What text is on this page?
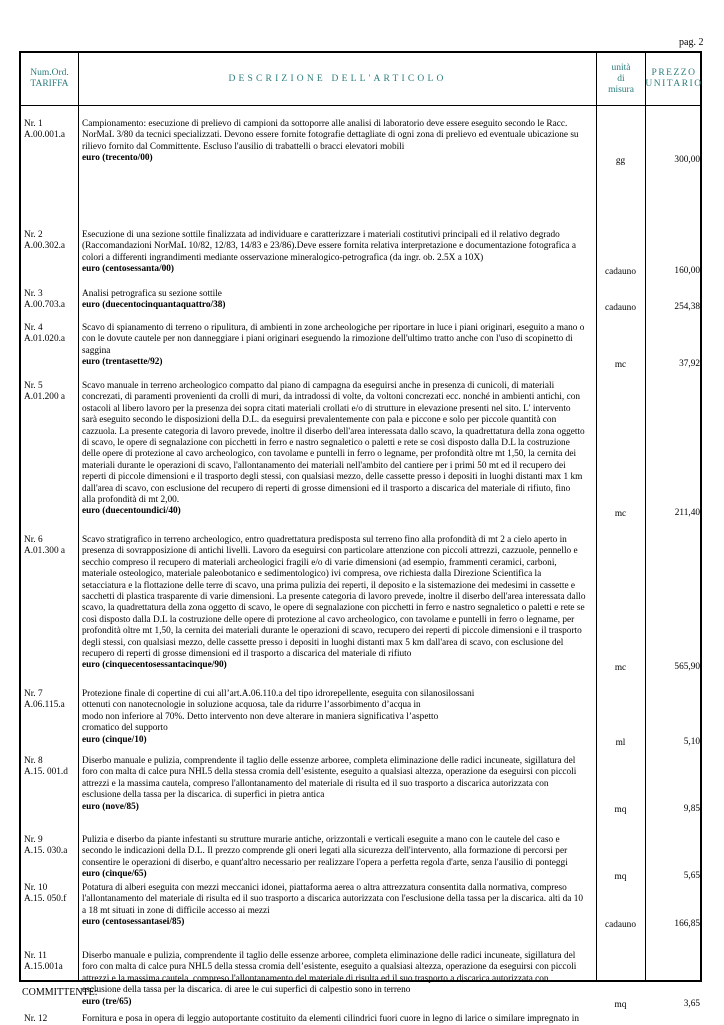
pag. 2
Num.Ord.
TARIFFA
DESCRIZIONE DELL'ARTICOLO
unità
di
misura
PREZZO
UNITARIO
Nr. 1
A.00.001.a
Campionamento: esecuzione di prelievo di campioni da sottoporre alle analisi di laboratorio deve essere eseguito secondo le Racc.
NorMaL 3/80 da tecnici specializzati. Devono essere fornite fotografie dettagliate di ogni zona di prelievo ed eventuale ubicazione su
rilievo fornito dal Committente. Escluso l'ausilio di trabattelli o bracci elevatori mobili
euro (trecento/00)	gg	300,00
Nr. 2
A.00.302.a
Esecuzione di una sezione sottile finalizzata ad individuare e caratterizzare i materiali costitutivi principali ed il relativo degrado
(Raccomandazioni NorMaL 10/82, 12/83, 14/83 e 23/86).Deve essere fornita relativa interpretazione e documentazione fotografica a
colori a differenti ingrandimenti mediante osservazione mineralogico-petrografica (da ingr. ob. 2.5X a 10X)
euro (centosessanta/00)	cadauno	160,00
Nr. 3
A.00.703.a
Analisi petrografica su sezione sottile
euro (duecentocinquantaquattro/38)	cadauno	254,38
Nr. 4
A.01.020.a
Scavo di spianamento di terreno o ripulitura, di ambienti in zone archeologiche per riportare in luce i piani originari, eseguito a mano o
con le dovute cautele per non danneggiare i piani originari eseguendo la rimozione dell'ultimo tratto anche con l'uso di scopinetto di
saggina
euro (trentasette/92)	mc	37,92
Nr. 5
A.01.200 a
Scavo manuale in terreno archeologico compatto dal piano di campagna da eseguirsi anche in presenza di cunicoli, di materiali
concrezati, di paramenti provenienti da crolli di muri, da intradossi di volte, da voltoni concrezati ecc. nonché in ambienti antichi, con
ostacoli al libero lavoro per la presenza dei sopra citati materiali crollati e/o di strutture in elevazione presenti nel sito. L' intervento
sarà eseguito secondo le disposizioni della D.L. da eseguirsi prevalentemente con pala e piccone e solo per piccole quantità con
cazzuola. La presente categoria di lavoro prevede, inoltre il diserbo dell'area interessata dallo scavo, la quadrettatura della zona oggetto
di scavo, le opere di segnalazione con picchetti in ferro e nastro segnaletico o paletti e rete se così disposto dalla D.L la costruzione
delle opere di protezione al cavo archeologico, con tavolame e puntelli in ferro o legname, per profondità oltre mt 1,50, la cernita dei
materiali durante le operazioni di scavo, l'allontanamento dei materiali nell'ambito del cantiere per i primi 50 mt ed il recupero dei
reperti di piccole dimensioni e il trasporto degli stessi, con qualsiasi mezzo, delle cassette presso i depositi in luoghi distanti max 1 km
dall'area di scavo, con esclusione del recupero di reperti di grosse dimensioni ed il trasporto a discarica del materiale di rifiuto, fino
alla profondità di mt 2,00.
euro (duecentoundici/40)	mc	211,40
Nr. 6
A.01.300 a
Scavo stratigrafico in terreno archeologico, entro quadrettatura predisposta sul terreno fino alla profondità di mt 2 a cielo aperto in
presenza di sovrapposizione di antichi livelli. Lavoro da eseguirsi con particolare attenzione con piccoli attrezzi, cazzuole, pennello e
secchio compreso il recupero di materiali archeologici fragili e/o di varie dimensioni (ad esempio, frammenti ceramici, carboni,
materiale osteologico, materiale paleobotanico e sedimentologico) ivi compresa, ove richiesta dalla Direzione Scientifica la
setacciatura e la flottazione delle terre di scavo, una prima pulizia dei reperti, il deposito e la sistemazione dei medesimi in cassette e
sacchetti di plastica trasparente di varie dimensioni. La presente categoria di lavoro prevede, inoltre il diserbo dell'area interessata dallo
scavo, la quadrettatura della zona oggetto di scavo, le opere di segnalazione con picchetti in ferro e nastro segnaletico o paletti e rete se
così disposto dalla D.L la costruzione delle opere di protezione al cavo archeologico, con tavolame e puntelli in ferro o legname, per
profondità oltre mt 1,50, la cernita dei materiali durante le operazioni di scavo, recupero dei reperti di piccole dimensioni e il trasporto
degli stessi, con qualsiasi mezzo, delle cassette presso i depositi in luoghi distanti max 5 km dall'area di scavo, con esclusione del
recupero di reperti di grosse dimensioni ed il trasporto a discarica del materiale di rifiuto
euro (cinquecentosessantacinque/90)	mc	565,90
Nr. 7
A.06.115.a
Protezione finale di copertine di cui all’art.A.06.110.a del tipo idrorepellente, eseguita con silanosilossani
ottenuti con nanotecnologie in soluzione acquosa, tale da ridurre l’assorbimento d’acqua in
modo non inferiore al 70%. Detto intervento non deve alterare in maniera significativa l’aspetto
cromatico del supporto
euro (cinque/10)	ml	5,10
Nr. 8
A.15. 001.d
Diserbo manuale e pulizia, comprendente il taglio delle essenze arboree, completa eliminazione delle radici incuneate, sigillatura del
foro con malta di calce pura NHL5 della stessa cromia dell’esistente, eseguito a qualsiasi altezza, operazione da eseguirsi con piccoli
attrezzi e la massima cautela, compreso l'allontanamento del materiale di risulta ed il suo trasporto a discarica autorizzata con
esclusione della tassa per la discarica. di superfici in pietra antica
euro (nove/85)	mq	9,85
Nr. 9
A.15. 030.a
Pulizia e diserbo da piante infestanti su strutture murarie antiche, orizzontali e verticali eseguite a mano con le cautele del caso e
secondo le indicazioni della D.L. Il prezzo comprende gli oneri legati alla sicurezza dell'intervento, alla formazione di percorsi per
consentire le operazioni di diserbo, e quant'altro necessario per realizzare l'opera a perfetta regola d'arte, senza l'ausilio di ponteggi
euro (cinque/65)	mq	5,65
Nr. 10
A.15. 050.f
Potatura di alberi eseguita con mezzi meccanici idonei, piattaforma aerea o altra attrezzatura consentita dalla normativa, compreso
l'allontanamento del materiale di risulta ed il suo trasporto a discarica autorizzata con l'esclusione della tassa per la discarica. alti da 10
a 18 mt situati in zone di difficile accesso ai mezzi
euro (centosessantasei/85)	cadauno	166,85
Nr. 11
A.15.001a
Diserbo manuale e pulizia, comprendente il taglio delle essenze arboree, completa eliminazione delle radici incuneate, sigillatura del
foro con malta di calce pura NHL5 della stessa cromia dell’esistente, eseguito a qualsiasi altezza, operazione da eseguirsi con piccoli
attrezzi e la massima cautela, compreso l'allontanamento del materiale di risulta ed il suo trasporto a discarica autorizzata con
esclusione della tassa per la discarica. di aree le cui superfici di calpestio sono in terreno
euro (tre/65)	mq	3,65
Nr. 12	Fornitura e posa in opera di leggio autoportante costituito da elementi cilindrici fuori cuore in legno di larice o similare impregnato in
COMMITTENTE:
